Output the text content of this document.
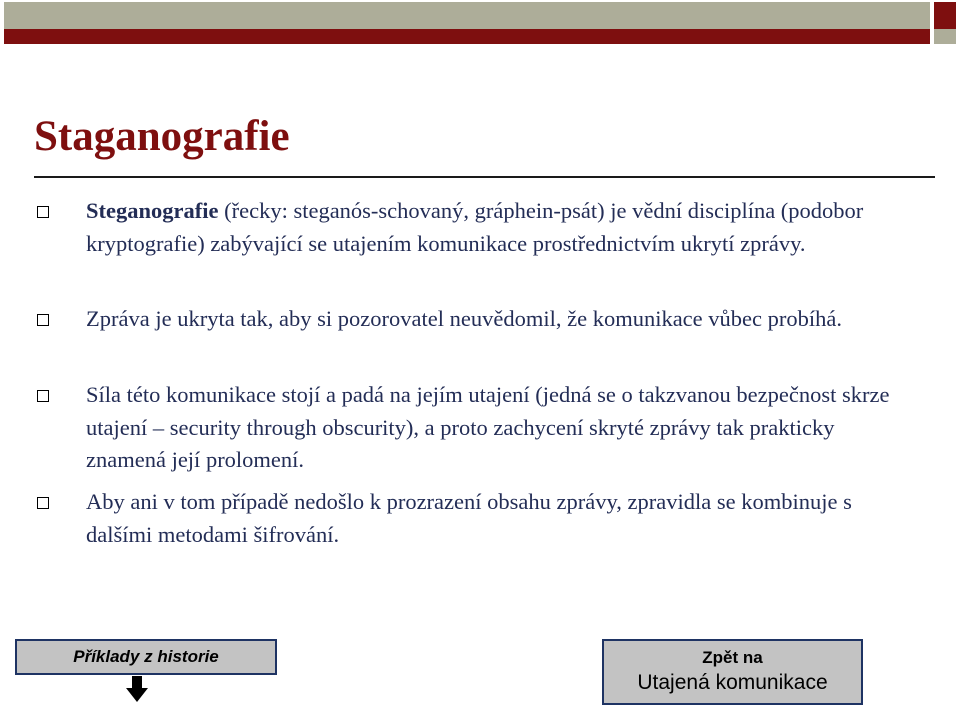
Staganografie
Steganografie (řecky: steganós-schovaný, gráphein-psát) je vědní disciplína (podobor kryptografie) zabývající se utajením komunikace prostřednictvím ukrytí zprávy.
Zpráva je ukryta tak, aby si pozorovatel neuvědomil, že komunikace vůbec probíhá.
Síla této komunikace stojí a padá na jejím utajení (jedná se o takzvanou bezpečnost skrze utajení – security through obscurity), a proto zachycení skryté zprávy tak prakticky znamená její prolomení.
Aby ani v tom případě nedošlo k prozrazení obsahu zprávy, zpravidla se kombinuje s dalšími metodami šifrování.
Příklady z historie	Zpět na
Utajená komunikace
